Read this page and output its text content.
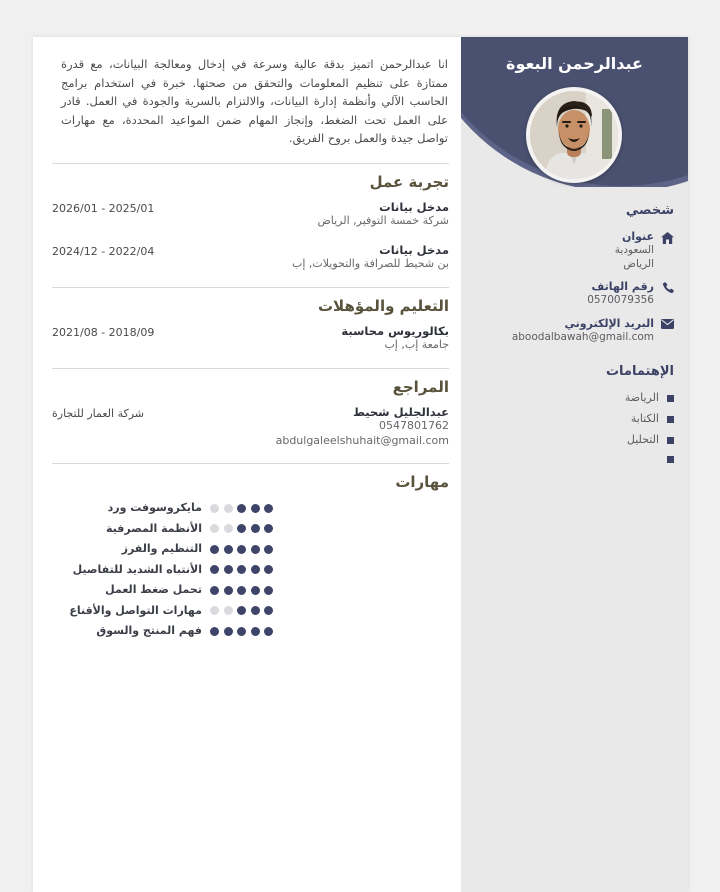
انا عبدالرحمن اتميز بدقة عالية وسرعة في إدخال ومعالجة البيانات، مع قدرة ممتازة على تنظيم المعلومات والتحقق من صحتها. خبرة في استخدام برامج الحاسب الآلي وأنظمة إدارة البيانات، والالتزام بالسرية والجودة في العمل. قادر على العمل تحت الضغط، وإنجاز المهام ضمن المواعيد المحددة، مع مهارات تواصل جيدة والعمل بروح الفريق.

تجربة عمل
مدخل بيانات
شركة خمسة التوفير, الرياض
2026/01 - 2025/01
مدخل بيانات
بن شحيط للصرافة والتحويلات, إب
2024/12 - 2022/04
التعليم والمؤهلات
بكالوريوس محاسبة
جامعة إب, إب
2021/08 - 2018/09
المراجع
عبدالجليل شحيط
0547801762
abdulgaleelshuhait@gmail.com
شركة العمار للتجارة
مهارات
مايكروسوفت ورد
الأنظمة المصرفية
التنظيم والفرز
الأنتباه الشديد للتفاصيل
تحمل ضغط العمل
مهارات التواصل والأقناع
فهم المنتج والسوق
عبدالرحمن البعوة
شخصي
عنوان
السعودية
الرياض
رقم الهاتف
0570079356
البريد الإلكتروني
aboodalbawah@gmail.com
الإهتمامات
الرياضة
الكتابة
التحليل
